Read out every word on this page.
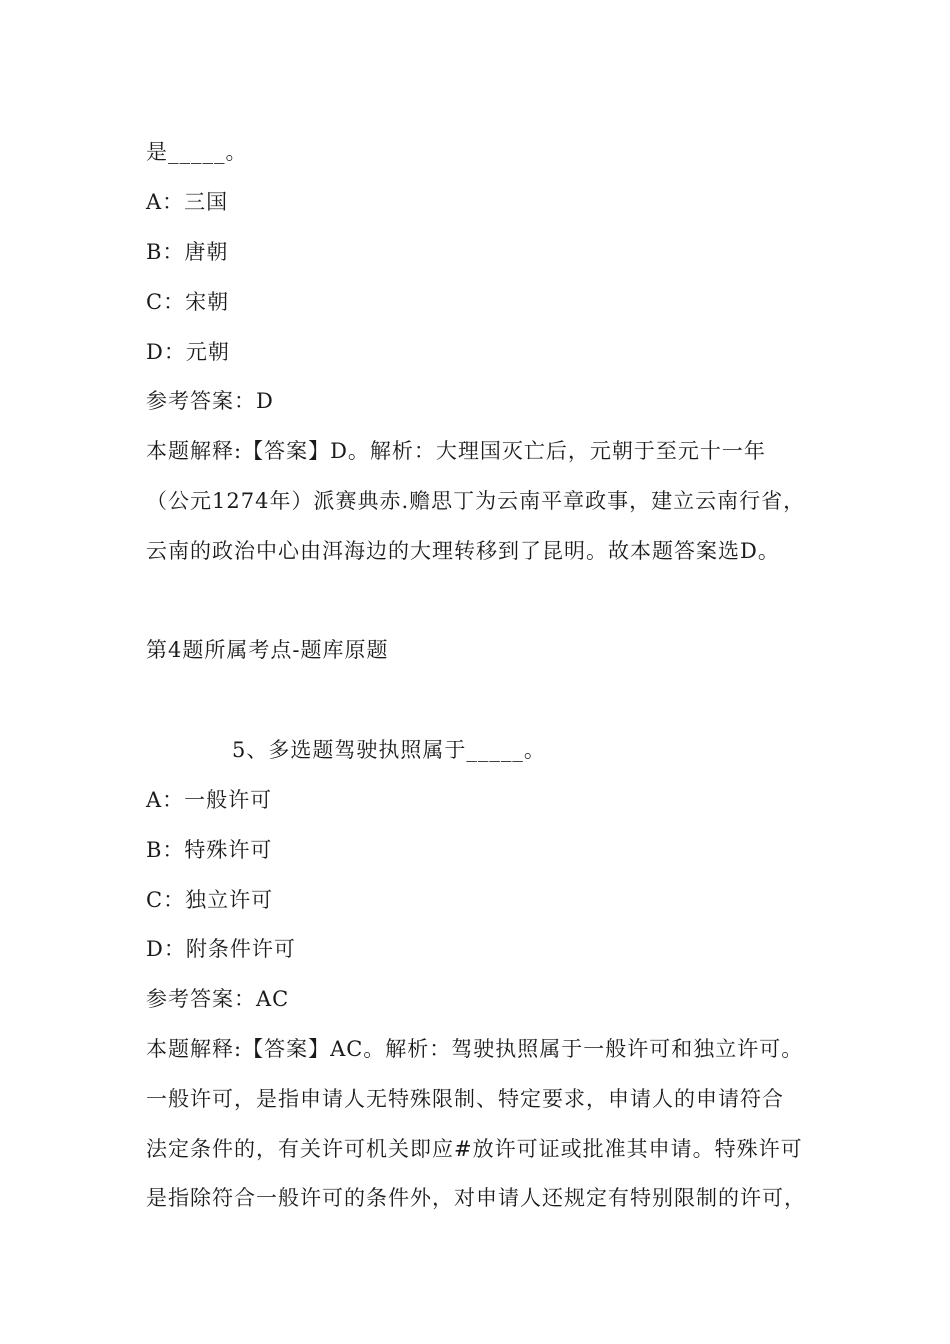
是_____。
A：三国
B：唐朝
C：宋朝
D：元朝
参考答案：D
本题解释:【答案】D。解析：大理国灭亡后，元朝于至元十一年
（公元1274年）派赛典赤.赡思丁为云南平章政事，建立云南行省，
云南的政治中心由洱海边的大理转移到了昆明。故本题答案选D。
第4题所属考点-题库原题
5、多选题驾驶执照属于_____。
A：一般许可
B：特殊许可
C：独立许可
D：附条件许可
参考答案：AC
本题解释:【答案】AC。解析：驾驶执照属于一般许可和独立许可。
一般许可，是指申请人无特殊限制、特定要求，申请人的申请符合
法定条件的，有关许可机关即应#放许可证或批准其申请。特殊许可
是指除符合一般许可的条件外，对申请人还规定有特别限制的许可，
